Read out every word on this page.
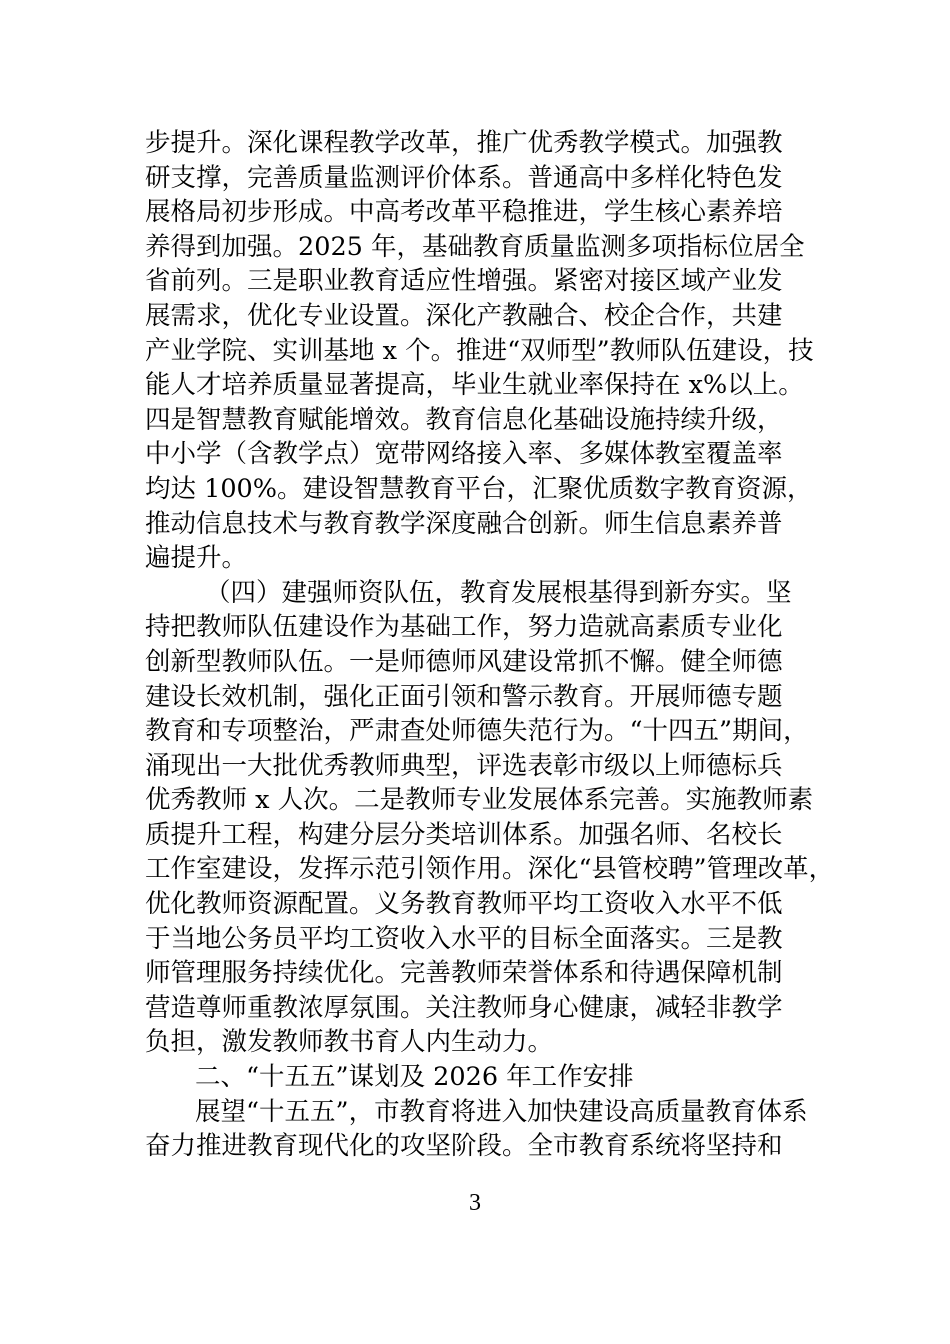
步提升。深化课程教学改革，推广优秀教学模式。加强教
研支撑，完善质量监测评价体系。普通高中多样化特色发
展格局初步形成。中高考改革平稳推进，学生核心素养培
养得到加强。2025 年，基础教育质量监测多项指标位居全
省前列。三是职业教育适应性增强。紧密对接区域产业发
展需求，优化专业设置。深化产教融合、校企合作，共建
产业学院、实训基地 x 个。推进“双师型”教师队伍建设，技
能人才培养质量显著提高，毕业生就业率保持在 x%以上。
四是智慧教育赋能增效。教育信息化基础设施持续升级，
中小学（含教学点）宽带网络接入率、多媒体教室覆盖率
均达 100%。建设智慧教育平台，汇聚优质数字教育资源，
推动信息技术与教育教学深度融合创新。师生信息素养普
遍提升。
（四）建强师资队伍，教育发展根基得到新夯实。坚
持把教师队伍建设作为基础工作，努力造就高素质专业化
创新型教师队伍。一是师德师风建设常抓不懈。健全师德
建设长效机制，强化正面引领和警示教育。开展师德专题
教育和专项整治，严肃查处师德失范行为。“十四五”期间，
涌现出一大批优秀教师典型，评选表彰市级以上师德标兵
优秀教师 x 人次。二是教师专业发展体系完善。实施教师素
质提升工程，构建分层分类培训体系。加强名师、名校长
工作室建设，发挥示范引领作用。深化“县管校聘”管理改革，
优化教师资源配置。义务教育教师平均工资收入水平不低
于当地公务员平均工资收入水平的目标全面落实。三是教
师管理服务持续优化。完善教师荣誉体系和待遇保障机制
营造尊师重教浓厚氛围。关注教师身心健康，减轻非教学
负担，激发教师教书育人内生动力。
二、“十五五”谋划及 2026 年工作安排
展望“十五五”，市教育将进入加快建设高质量教育体系
奋力推进教育现代化的攻坚阶段。全市教育系统将坚持和
3
